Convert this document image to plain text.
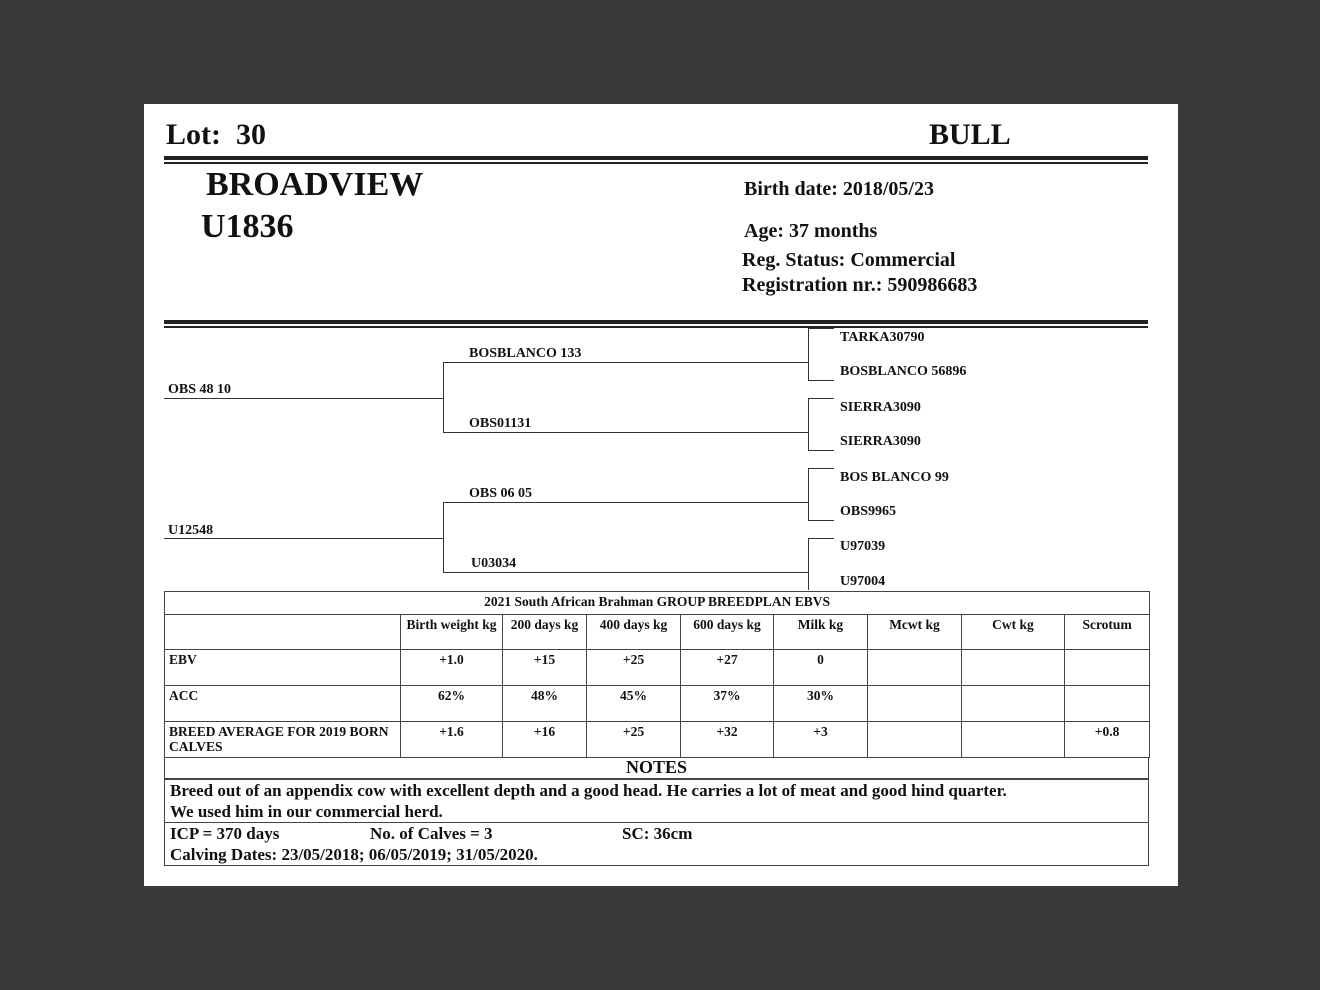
Lot: 30	BULL
BROADVIEW
U1836
Birth date: 2018/05/23
Age: 37 months
Reg. Status: Commercial
Registration nr.: 590986683
OBS 48 10
U12548
BOSBLANCO 133
OBS01131
OBS 06 05
U03034
TARKA30790
BOSBLANCO 56896
SIERRA3090
SIERRA3090
BOS BLANCO 99
OBS9965
U97039
U97004
2021 South African Brahman GROUP BREEDPLAN EBVS								
	Birth weight kg	200 days kg	400 days kg	600 days kg	Milk kg	Mcwt kg	Cwt kg	Scrotum
EBV	+1.0	+15	+25	+27	0			
ACC	62%	48%	45%	37%	30%			
BREED AVERAGE FOR 2019 BORN CALVES	+1.6	+16	+25	+32	+3			+0.8
NOTES
Breed out of an appendix cow with excellent depth and a good head. He carries a lot of meat and good hind quarter.
We used him in our commercial herd.
ICP = 370 days	No. of Calves = 3	SC: 36cm
Calving Dates: 23/05/2018; 06/05/2019; 31/05/2020.
